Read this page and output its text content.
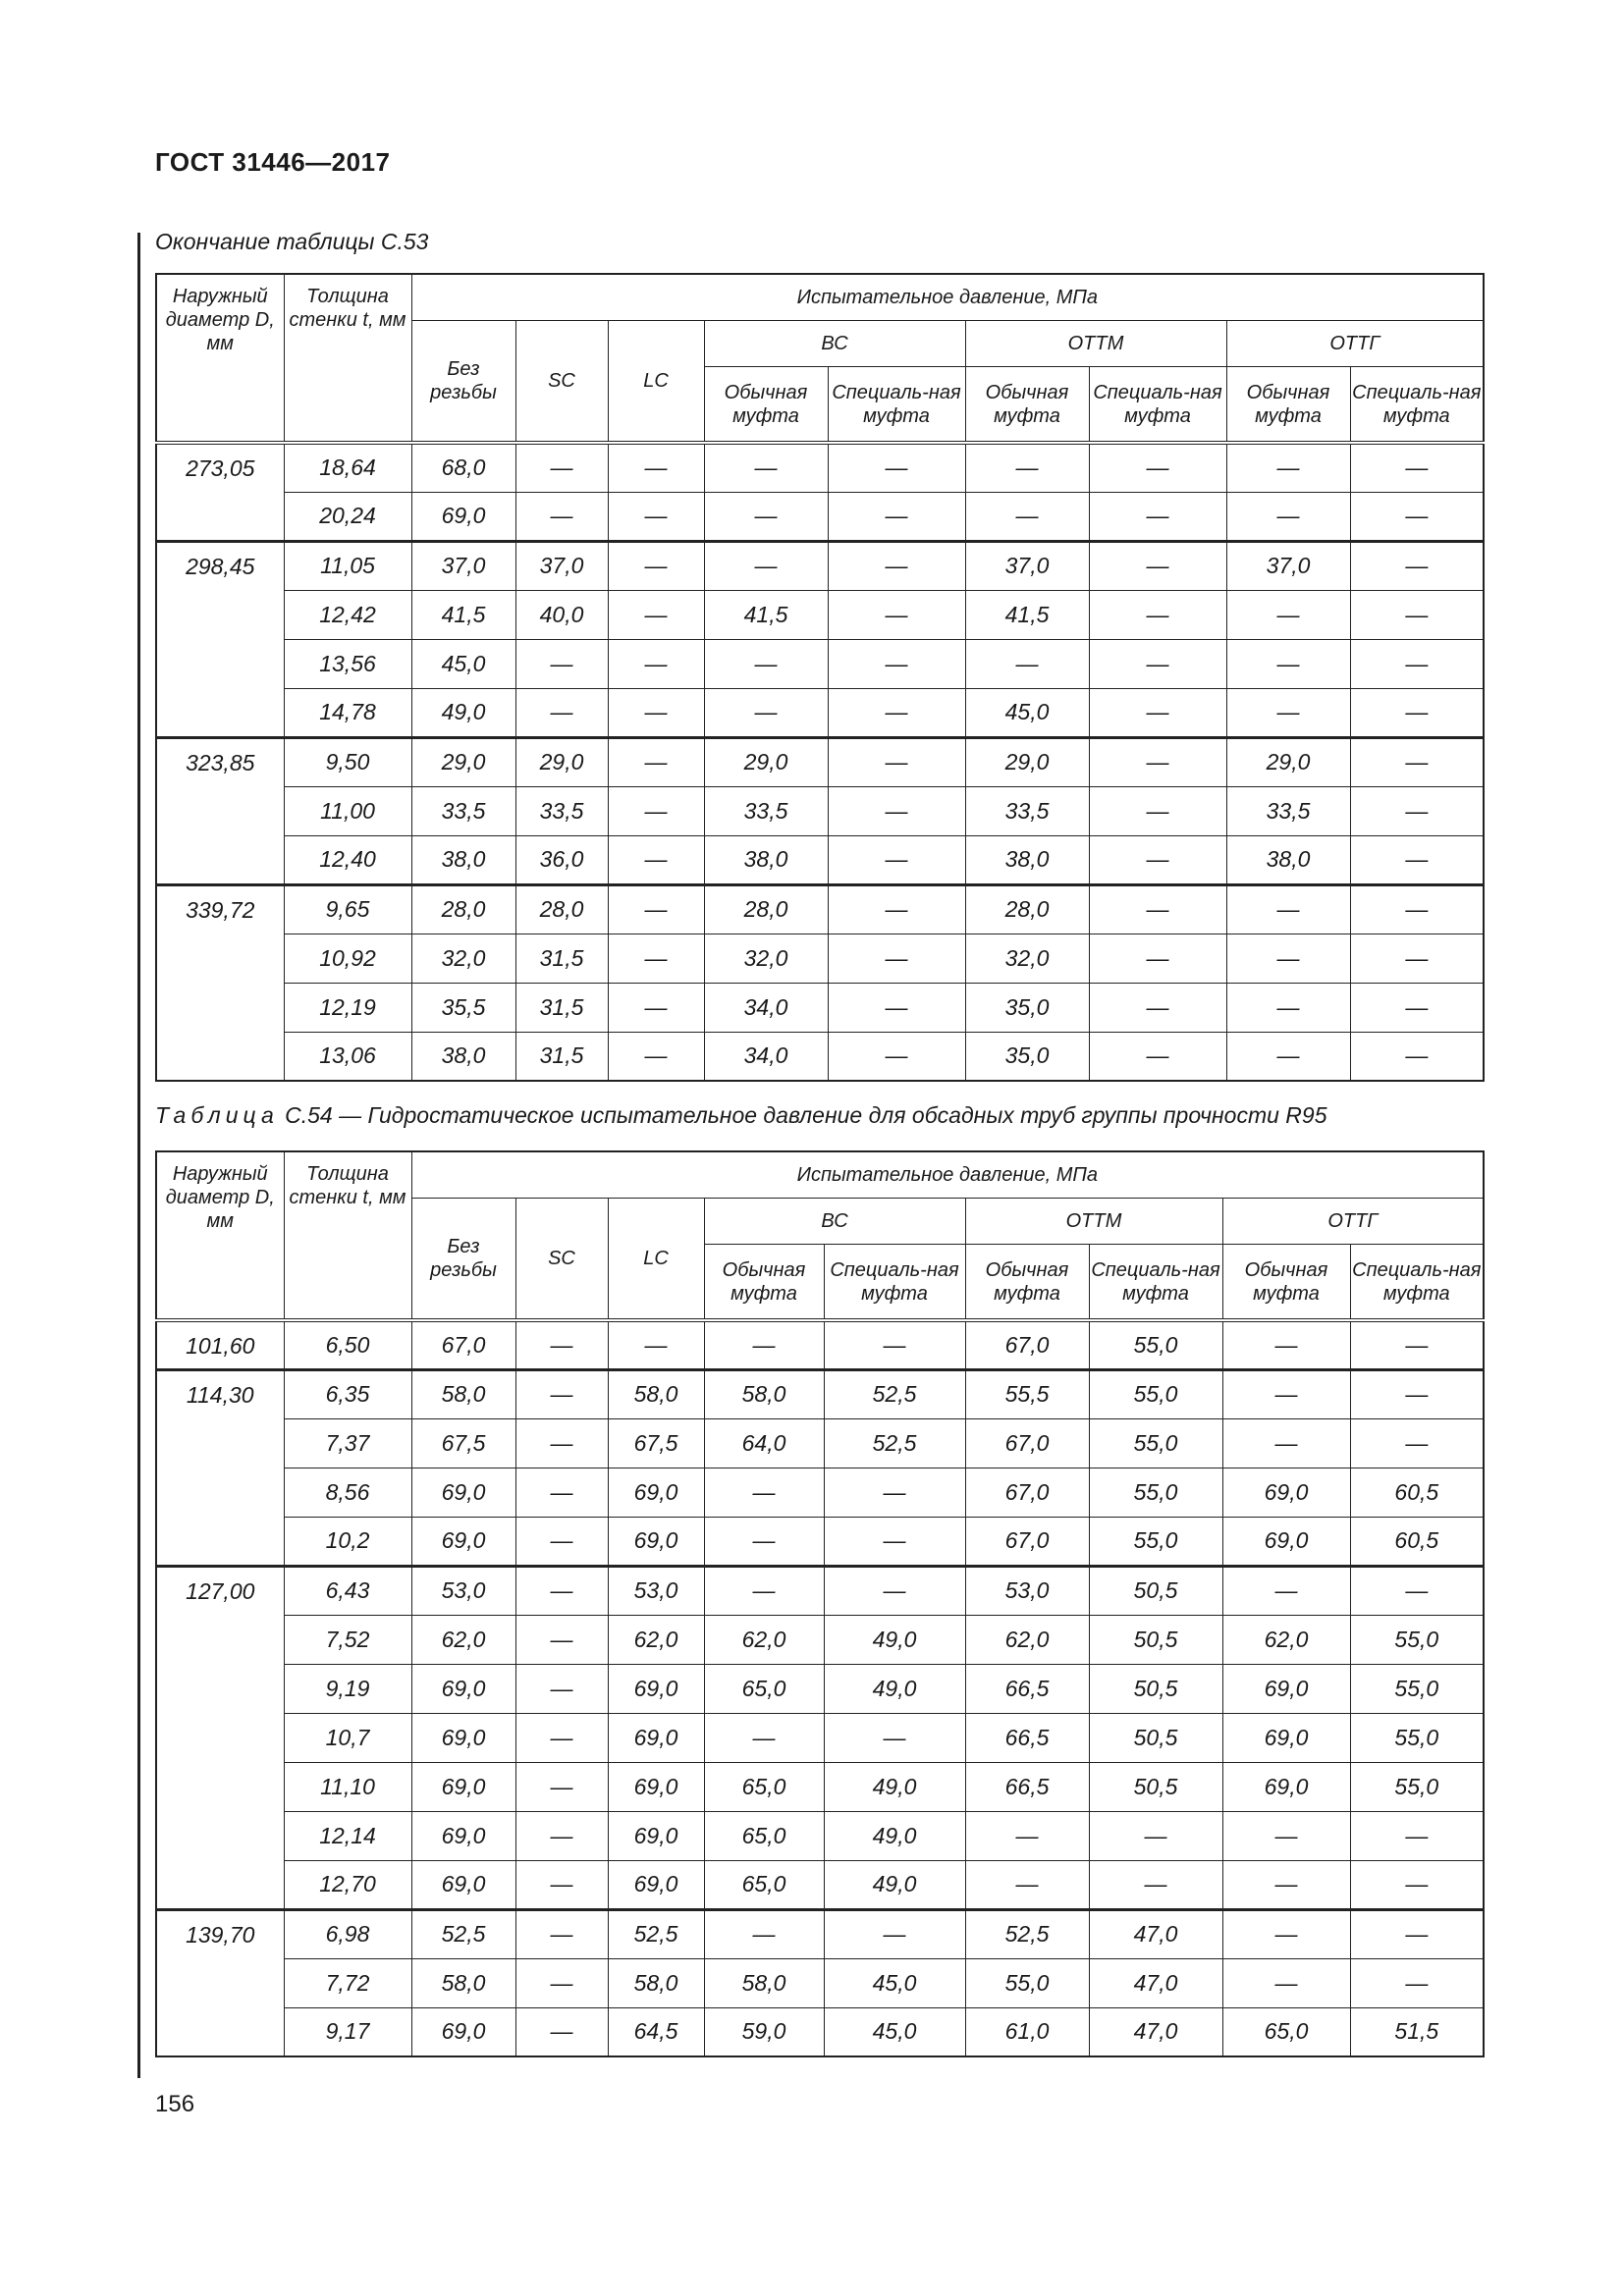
ГОСТ 31446—2017
Окончание таблицы С.53
Наружный диаметр D, мм	Толщина стенки t, мм	Испытательное давление, МПа								
		Без резьбы	SC	LC	ВС		ОТТМ		ОТТГ	
					Обычная муфта	Специаль-ная муфта	Обычная муфта	Специаль-ная муфта	Обычная муфта	Специаль-ная муфта
273,05	18,64	68,0	—	—	—	—	—	—	—	—
	20,24	69,0	—	—	—	—	—	—	—	—
298,45	11,05	37,0	37,0	—	—	—	37,0	—	37,0	—
	12,42	41,5	40,0	—	41,5	—	41,5	—	—	—
	13,56	45,0	—	—	—	—	—	—	—	—
	14,78	49,0	—	—	—	—	45,0	—	—	—
323,85	9,50	29,0	29,0	—	29,0	—	29,0	—	29,0	—
	11,00	33,5	33,5	—	33,5	—	33,5	—	33,5	—
	12,40	38,0	36,0	—	38,0	—	38,0	—	38,0	—
339,72	9,65	28,0	28,0	—	28,0	—	28,0	—	—	—
	10,92	32,0	31,5	—	32,0	—	32,0	—	—	—
	12,19	35,5	31,5	—	34,0	—	35,0	—	—	—
	13,06	38,0	31,5	—	34,0	—	35,0	—	—	—
Таблица С.54 — Гидростатическое испытательное давление для обсадных труб группы прочности R95
Наружный диаметр D, мм	Толщина стенки t, мм	Испытательное давление, МПа								
		Без резьбы	SC	LC	ВС		ОТТМ		ОТТГ	
					Обычная муфта	Специаль-ная муфта	Обычная муфта	Специаль-ная муфта	Обычная муфта	Специаль-ная муфта
101,60	6,50	67,0	—	—	—	—	67,0	55,0	—	—
114,30	6,35	58,0	—	58,0	58,0	52,5	55,5	55,0	—	—
	7,37	67,5	—	67,5	64,0	52,5	67,0	55,0	—	—
	8,56	69,0	—	69,0	—	—	67,0	55,0	69,0	60,5
	10,2	69,0	—	69,0	—	—	67,0	55,0	69,0	60,5
127,00	6,43	53,0	—	53,0	—	—	53,0	50,5	—	—
	7,52	62,0	—	62,0	62,0	49,0	62,0	50,5	62,0	55,0
	9,19	69,0	—	69,0	65,0	49,0	66,5	50,5	69,0	55,0
	10,7	69,0	—	69,0	—	—	66,5	50,5	69,0	55,0
	11,10	69,0	—	69,0	65,0	49,0	66,5	50,5	69,0	55,0
	12,14	69,0	—	69,0	65,0	49,0	—	—	—	—
	12,70	69,0	—	69,0	65,0	49,0	—	—	—	—
139,70	6,98	52,5	—	52,5	—	—	52,5	47,0	—	—
	7,72	58,0	—	58,0	58,0	45,0	55,0	47,0	—	—
	9,17	69,0	—	64,5	59,0	45,0	61,0	47,0	65,0	51,5
156
